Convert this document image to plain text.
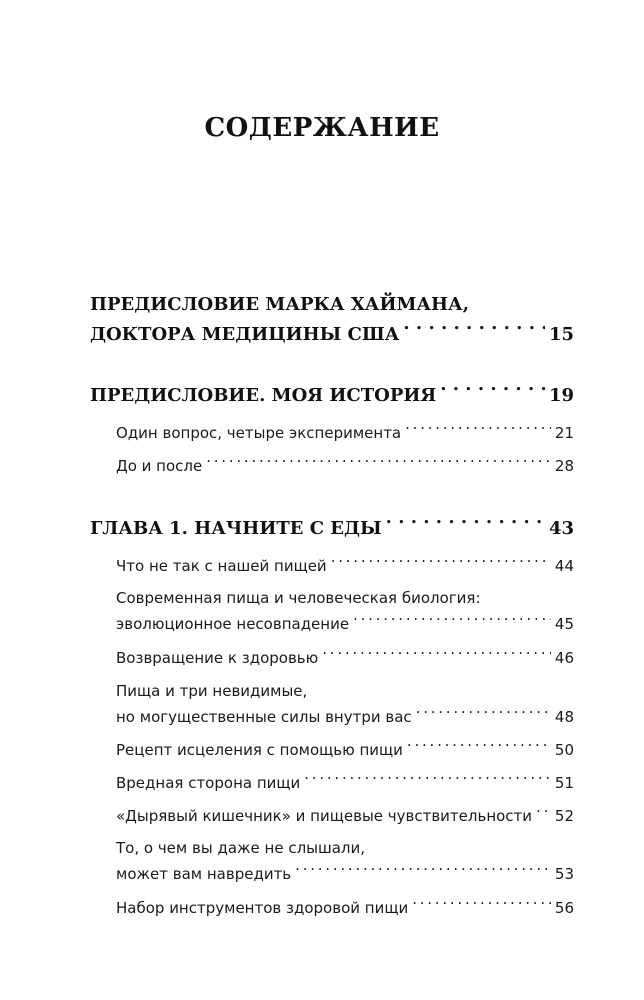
СОДЕРЖАНИЕ
ПРЕДИСЛОВИЕ МАРКА ХАЙМАНА,
ДОКТОРА МЕДИЦИНЫ США . . .	15
ПРЕДИСЛОВИЕ. МОЯ ИСТОРИЯ . . .	19
Один вопрос, четыре эксперимента . . .	21
До и после . . .	28
ГЛАВА 1. НАЧНИТЕ С ЕДЫ . . .	43
Что не так с нашей пищей . . .	44
Современная пища и человеческая биология:
эволюционное несовпадение . . .	45
Возвращение к здоровью . . .	46
Пища и три невидимые,
но могущественные силы внутри вас . . .	48
Рецепт исцеления с помощью пищи . . .	50
Вредная сторона пищи . . .	51
«Дырявый кишечник» и пищевые чувствительности . . . 52
То, о чем вы даже не слышали,
может вам навредить . . .	53
Набор инструментов здоровой пищи . . .	56
